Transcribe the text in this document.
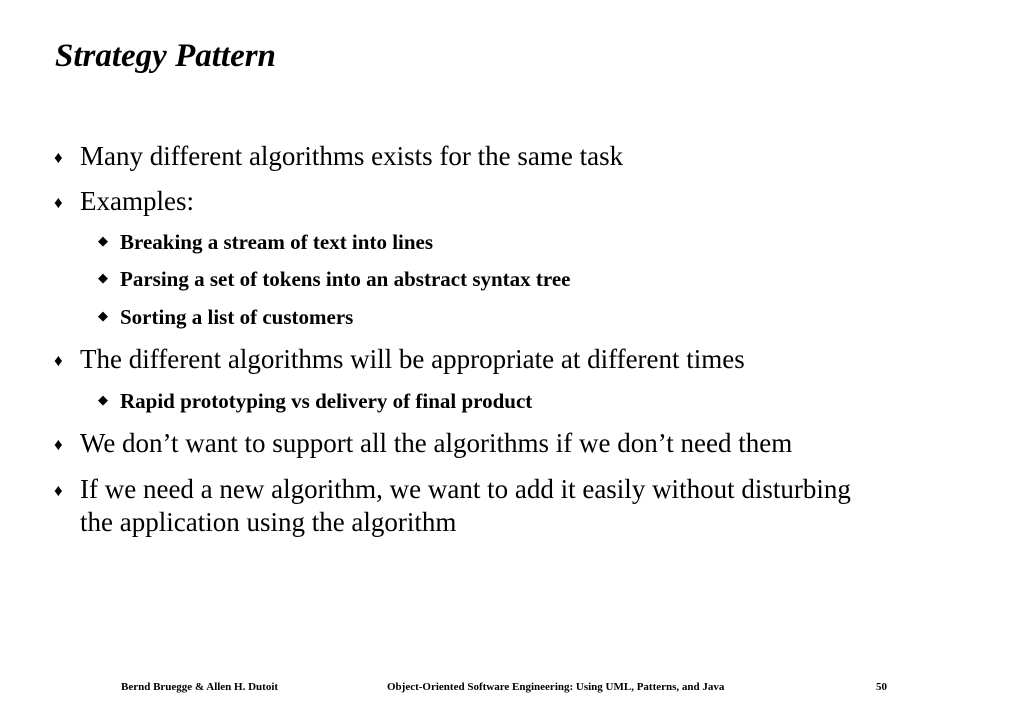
Strategy Pattern
♦ Many different algorithms exists for the same task
♦ Examples:
◆ Breaking a stream of text into lines
◆ Parsing a set of tokens into an abstract syntax tree
◆ Sorting a list of customers
♦ The different algorithms will be appropriate at different times
◆ Rapid prototyping vs delivery of final product
♦ We don’t want to support all the algorithms if we don’t need them
♦ If we need a new algorithm, we want to add it easily without disturbing the application using the algorithm
Bernd Bruegge & Allen H. Dutoit	Object-Oriented Software Engineering: Using UML, Patterns, and Java	50
